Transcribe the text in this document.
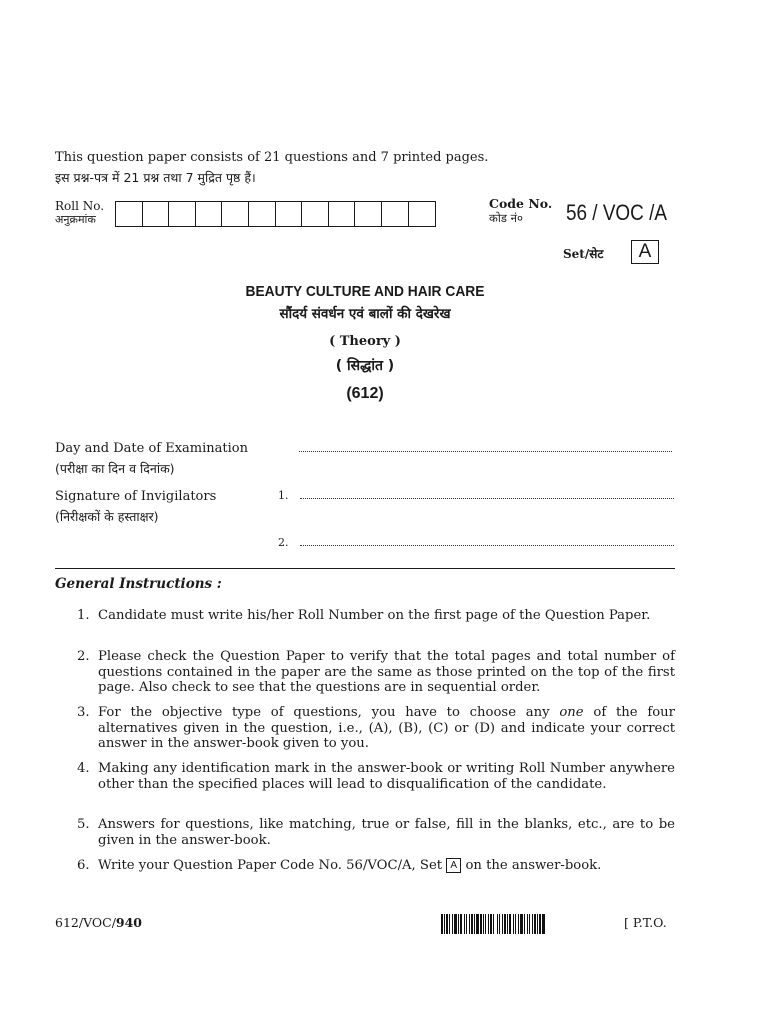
This question paper consists of 21 questions and 7 printed pages.
इस प्रश्न-पत्र में 21 प्रश्न तथा 7 मुद्रित पृष्ठ हैं।
Roll No.
अनुक्रमांक
Code No.
कोड नं०	56 / VOC /A
Set/सेट	A
BEAUTY CULTURE AND HAIR CARE
सौंदर्य संवर्धन एवं बालों की देखरेख
( Theory )
( सिद्धांत )
(612)
Day and Date of Examination
(परीक्षा का दिन व दिनांक)
Signature of Invigilators
(निरीक्षकों के हस्ताक्षर)
1.
2.
General Instructions :
1. Candidate must write his/her Roll Number on the first page of the Question Paper.
2. Please check the Question Paper to verify that the total pages and total number of questions contained in the paper are the same as those printed on the top of the first page. Also check to see that the questions are in sequential order.
3. For the objective type of questions, you have to choose any one of the four alternatives given in the question, i.e., (A), (B), (C) or (D) and indicate your correct answer in the answer-book given to you.
4. Making any identification mark in the answer-book or writing Roll Number anywhere other than the specified places will lead to disqualification of the candidate.
5. Answers for questions, like matching, true or false, fill in the blanks, etc., are to be given in the answer-book.
6. Write your Question Paper Code No. 56/VOC/A, Set A on the answer-book.
612/VOC/940	[ P.T.O.
